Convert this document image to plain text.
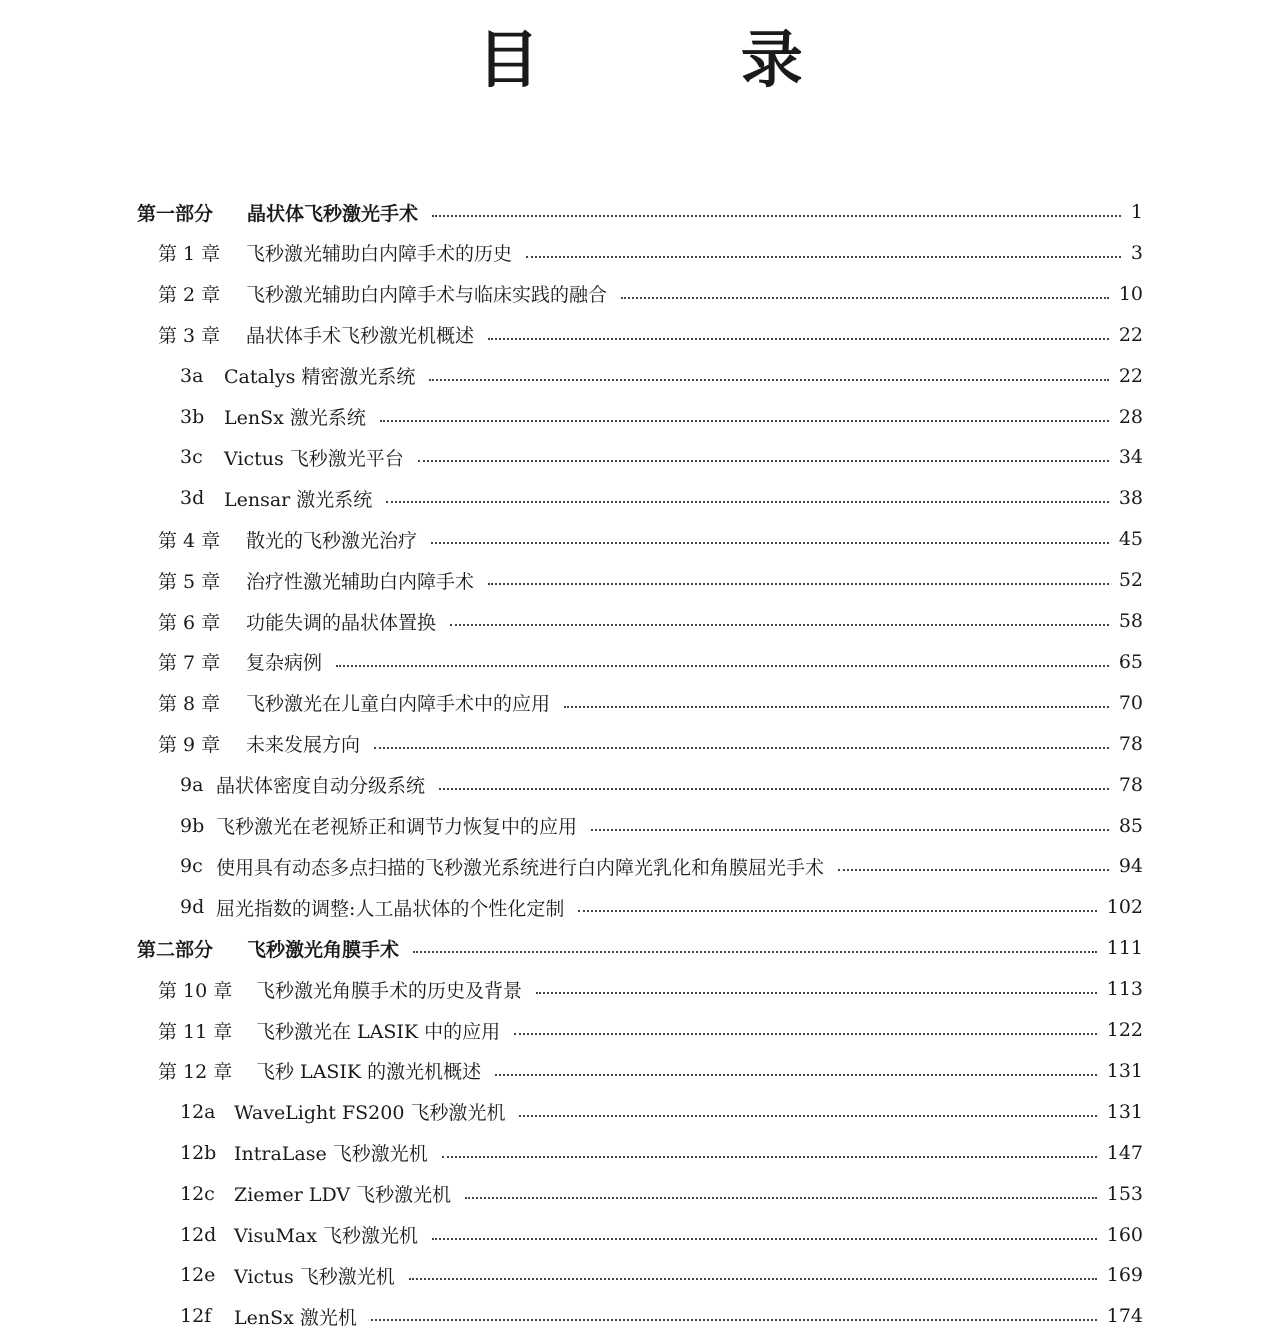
目 录
第一部分	晶状体飞秒激光手术	1
第 1 章	飞秒激光辅助白内障手术的历史	3
第 2 章	飞秒激光辅助白内障手术与临床实践的融合	10
第 3 章	晶状体手术飞秒激光机概述	22
3a	Catalys 精密激光系统	22
3b	LenSx 激光系统	28
3c	Victus 飞秒激光平台	34
3d	Lensar 激光系统	38
第 4 章	散光的飞秒激光治疗	45
第 5 章	治疗性激光辅助白内障手术	52
第 6 章	功能失调的晶状体置换	58
第 7 章	复杂病例	65
第 8 章	飞秒激光在儿童白内障手术中的应用	70
第 9 章	未来发展方向	78
9a 晶状体密度自动分级系统	78
9b 飞秒激光在老视矫正和调节力恢复中的应用	85
9c 使用具有动态多点扫描的飞秒激光系统进行白内障光乳化和角膜屈光手术	94
9d 屈光指数的调整:人工晶状体的个性化定制	102
第二部分	飞秒激光角膜手术	111
第 10 章	飞秒激光角膜手术的历史及背景	113
第 11 章	飞秒激光在 LASIK 中的应用	122
第 12 章	飞秒 LASIK 的激光机概述	131
12a WaveLight FS200 飞秒激光机	131
12b IntraLase 飞秒激光机	147
12c	Ziemer LDV 飞秒激光机	153
12d VisuMax 飞秒激光机	160
12e Victus 飞秒激光机	169
12f	LenSx 激光机	174
